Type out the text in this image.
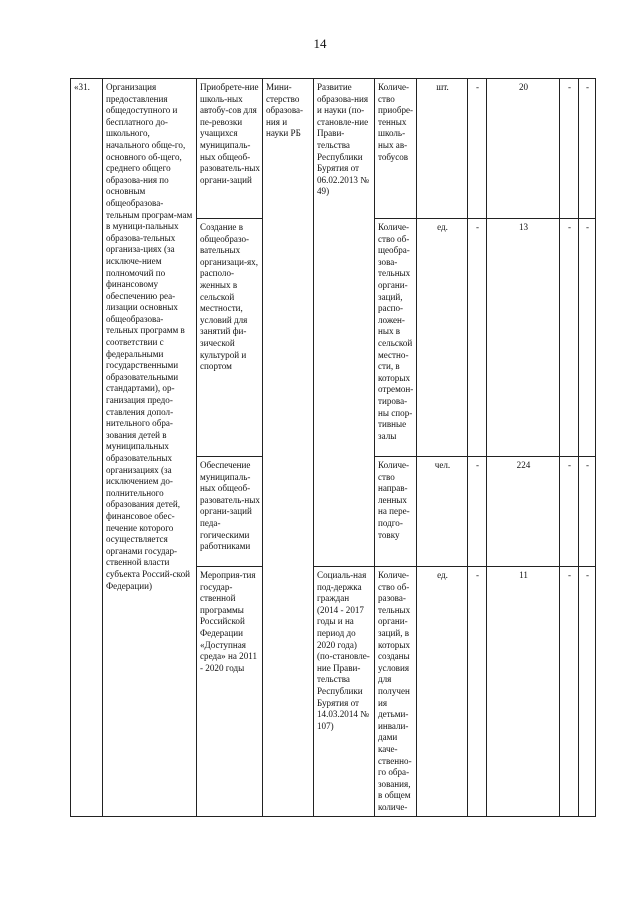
14
«31.	Организация предоставления общедоступного и бесплатного до-школьного, начального обще-го, основного об-щего, среднего общего образова-ния по основным общеобразова-тельным програм-мам в муници-пальных образова-тельных организа-циях (за исключе-нием полномочий по финансовому обеспечению реа-лизации основных общеобразова-тельных программ в соответствии с федеральными государственными образовательными стандартами), ор-ганизация предо-ставления допол-нительного обра-зования детей в муниципальных образовательных организациях (за исключением до-полнительного образования детей, финансовое обес-печение которого осуществляется органами государ-ственной власти субъекта Россий-ской Федерации)	Приобрете-ние школь-ных автобу-сов для пе-ревозки учащихся муниципаль-ных общеоб-разователь-ных органи-заций	Мини-стерство образова-ния и науки РБ	Развитие образова-ния и науки (по-становле-ние Прави-тельства Республики Бурятия от 06.02.2013 № 49)	Количе-ство приобре-тенных школь-ных ав-тобусов	шт.	-	20	-	-
		Создание в общеобразо-вательных организаци-ях, располо-женных в сельской местности, условий для занятий фи-зической культурой и спортом			Количе-ство об-щеобра-зова-тельных органи-заций, распо-ложен-ных в сельской местно-сти, в которых отремон-тирова-ны спор-тивные залы	ед.	-	13	-	-
		Обеспечение муниципаль-ных общеоб-разователь-ных органи-заций педа-гогическими работниками			Количе-ство направ-ленных на пере-подго-товку	чел.	-	224	-	-
		Мероприя-тия государ-ственной программы Российской Федерации «Доступная среда» на 2011 - 2020 годы		Социаль-ная под-держка граждан (2014 - 2017 годы и на период до 2020 года) (по-становле-ние Прави-тельства Республики Бурятия от 14.03.2014 № 107)	Количе-ство об-разова-тельных органи-заций, в которых созданы условия для получения детьми-инвали-дами каче-ственно-го обра-зования, в общем количе-	ед.	-	11	-	-
